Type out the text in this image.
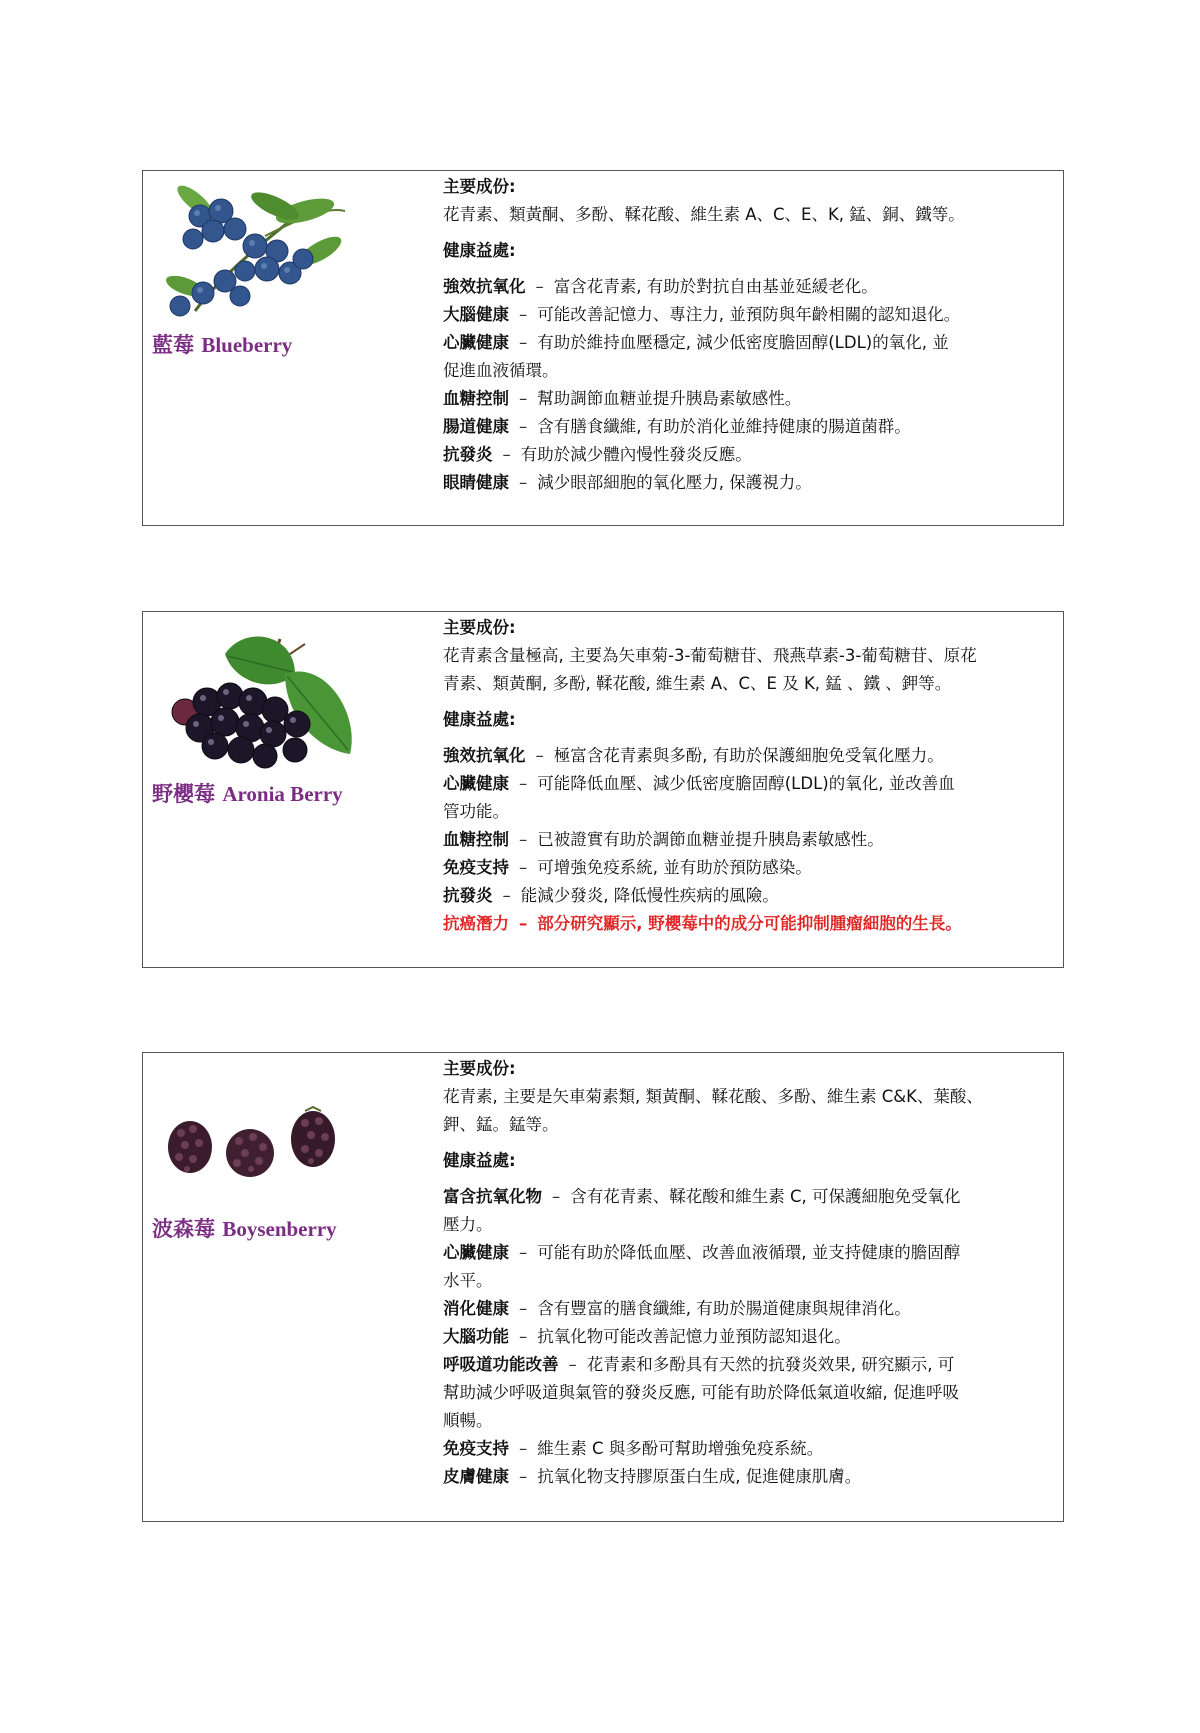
藍莓 Blueberry
主要成份:
花青素、類黃酮、多酚、鞣花酸、維生素 A、C、E、K, 錳、銅、鐵等。
健康益處:
強效抗氧化 – 富含花青素, 有助於對抗自由基並延緩老化。
大腦健康 – 可能改善記憶力、專注力, 並預防與年齡相關的認知退化。
心臟健康 – 有助於維持血壓穩定, 減少低密度膽固醇(LDL)的氧化, 並
促進血液循環。
血糖控制 – 幫助調節血糖並提升胰島素敏感性。
腸道健康 – 含有膳食纖維, 有助於消化並維持健康的腸道菌群。
抗發炎 – 有助於減少體內慢性發炎反應。
眼睛健康 – 減少眼部細胞的氧化壓力, 保護視力。
野櫻莓 Aronia Berry
主要成份:
花青素含量極高, 主要為矢車菊-3-葡萄糖苷、飛燕草素-3-葡萄糖苷、原花
青素、類黃酮, 多酚, 鞣花酸, 維生素 A、C、E 及 K, 錳 、鐵 、鉀等。
健康益處:
強效抗氧化 – 極富含花青素與多酚, 有助於保護細胞免受氧化壓力。
心臟健康 – 可能降低血壓、減少低密度膽固醇(LDL)的氧化, 並改善血
管功能。
血糖控制 – 已被證實有助於調節血糖並提升胰島素敏感性。
免疫支持 – 可增強免疫系統, 並有助於預防感染。
抗發炎 – 能減少發炎, 降低慢性疾病的風險。
抗癌潛力 – 部分研究顯示, 野櫻莓中的成分可能抑制腫瘤細胞的生長。
波森莓 Boysenberry
主要成份:
花青素, 主要是矢車菊素類, 類黃酮、鞣花酸、多酚、維生素 C&K、葉酸、
鉀、錳。錳等。
健康益處:
富含抗氧化物 – 含有花青素、鞣花酸和維生素 C, 可保護細胞免受氧化
壓力。
心臟健康 – 可能有助於降低血壓、改善血液循環, 並支持健康的膽固醇
水平。
消化健康 – 含有豐富的膳食纖維, 有助於腸道健康與規律消化。
大腦功能 – 抗氧化物可能改善記憶力並預防認知退化。
呼吸道功能改善 – 花青素和多酚具有天然的抗發炎效果, 研究顯示, 可
幫助減少呼吸道與氣管的發炎反應, 可能有助於降低氣道收縮, 促進呼吸
順暢。
免疫支持 – 維生素 C 與多酚可幫助增強免疫系統。
皮膚健康 – 抗氧化物支持膠原蛋白生成, 促進健康肌膚。
